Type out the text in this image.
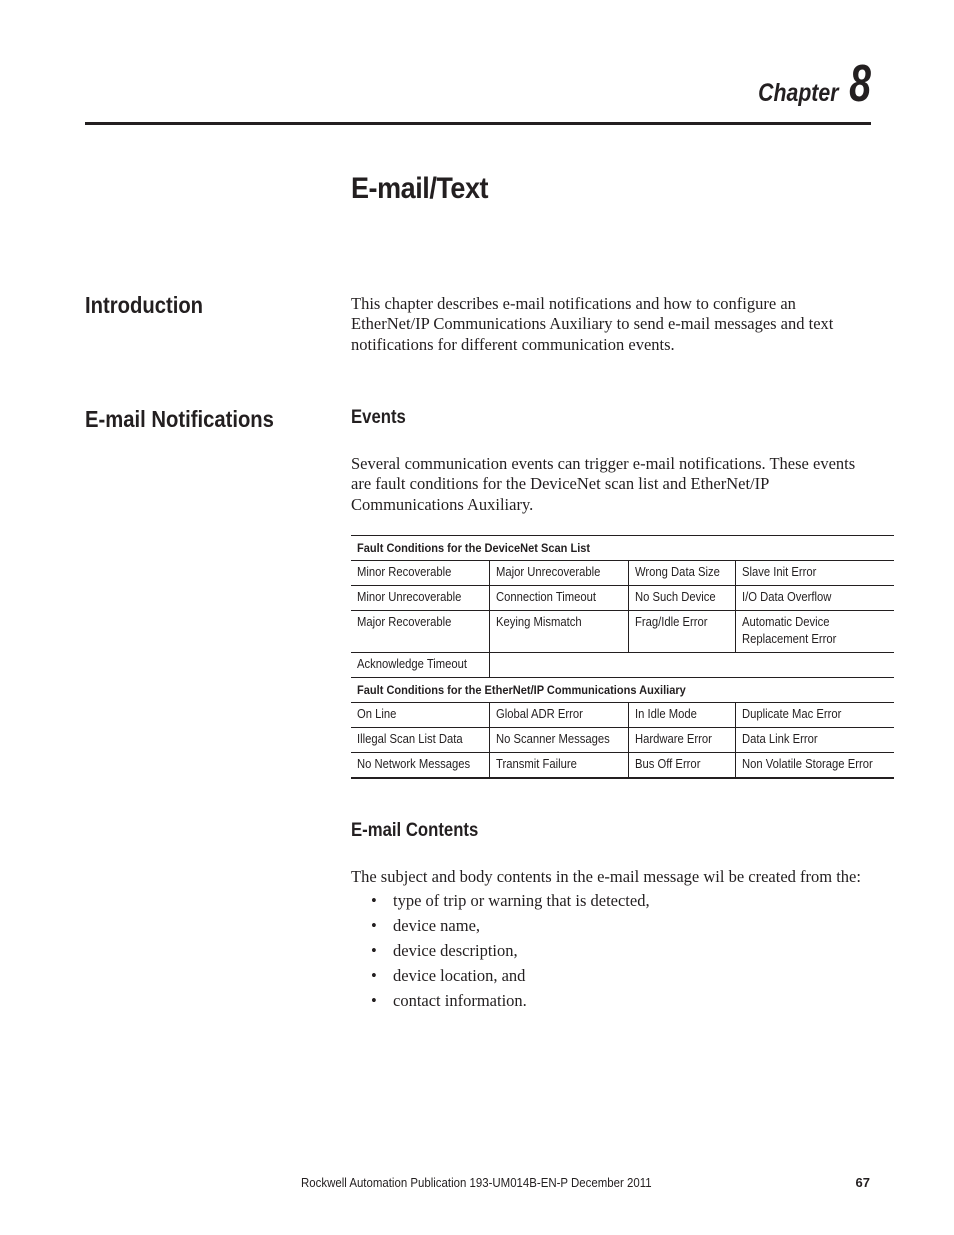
Chapter 8
E-mail/Text
Introduction	This chapter describes e-mail notifications and how to configure an EtherNet/IP Communications Auxiliary to send e-mail messages and text notifications for different communication events.
E-mail Notifications	Events
Several communication events can trigger e-mail notifications. These events are fault conditions for the DeviceNet scan list and EtherNet/IP Communications Auxiliary.
Fault Conditions for the DeviceNet Scan List			
Minor Recoverable	Major Unrecoverable	Wrong Data Size	Slave Init Error
Minor Unrecoverable	Connection Timeout	No Such Device	I/O Data Overflow
Major Recoverable	Keying Mismatch	Frag/Idle Error	Automatic Device
Replacement Error
Acknowledge Timeout			
Fault Conditions for the EtherNet/IP Communications Auxiliary			
On Line	Global ADR Error	In Idle Mode	Duplicate Mac Error
Illegal Scan List Data	No Scanner Messages	Hardware Error	Data Link Error
No Network Messages	Transmit Failure	Bus Off Error	Non Volatile Storage Error
E-mail Contents
The subject and body contents in the e-mail message wil be created from the:
• type of trip or warning that is detected,
• device name,
• device description,
• device location, and
• contact information.
Rockwell Automation Publication 193-UM014B-EN-P December 2011	67
